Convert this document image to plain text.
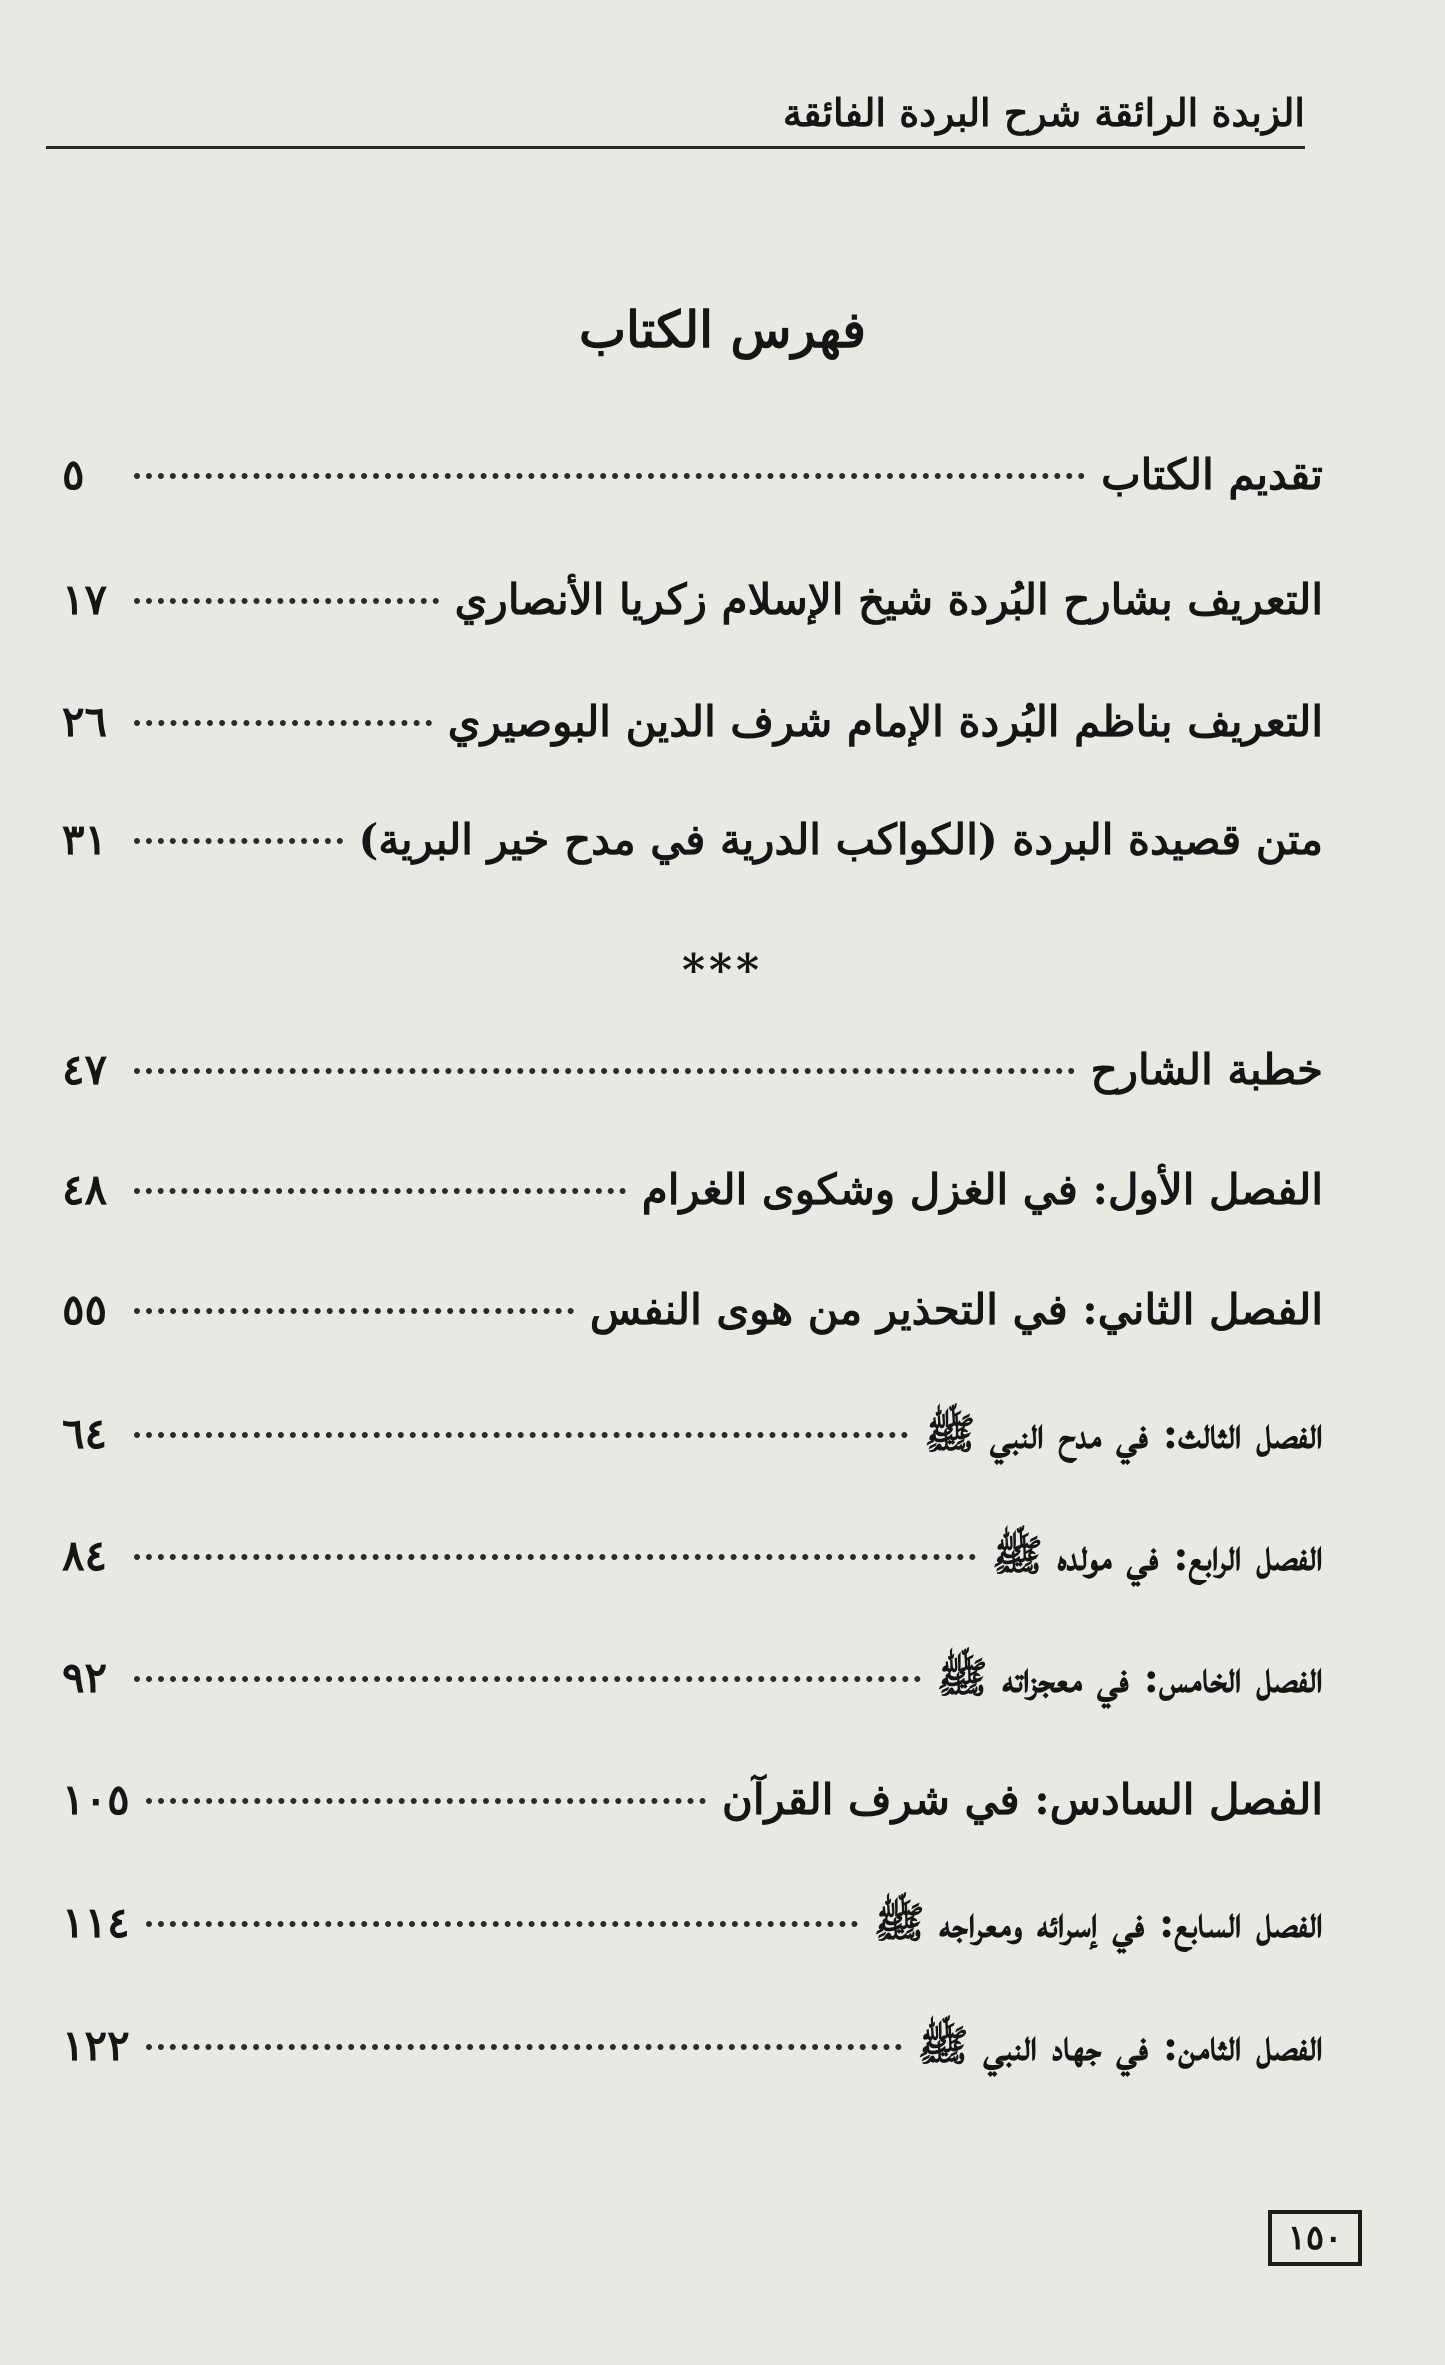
الزبدة الرائقة شرح البردة الفائقة
فهرس الكتاب
تقديم الكتاب
٥
التعريف بشارح البُردة شيخ الإسلام زكريا الأنصاري
١٧
التعريف بناظم البُردة الإمام شرف الدين البوصيري
٢٦
متن قصيدة البردة (الكواكب الدرية في مدح خير البرية)
٣١
خطبة الشارح
٤٧
الفصل الأول: في الغزل وشكوى الغرام
٤٨
الفصل الثاني: في التحذير من هوى النفس
٥٥
الفصل الثالث: في مدح النبي ﷺ
٦٤
الفصل الرابع: في مولده ﷺ
٨٤
الفصل الخامس: في معجزاته ﷺ
٩٢
الفصل السادس: في شرف القرآن
١٠٥
الفصل السابع: في إسرائه ومعراجه ﷺ
١١٤
الفصل الثامن: في جهاد النبي ﷺ
١٢٢
***
١٥٠
